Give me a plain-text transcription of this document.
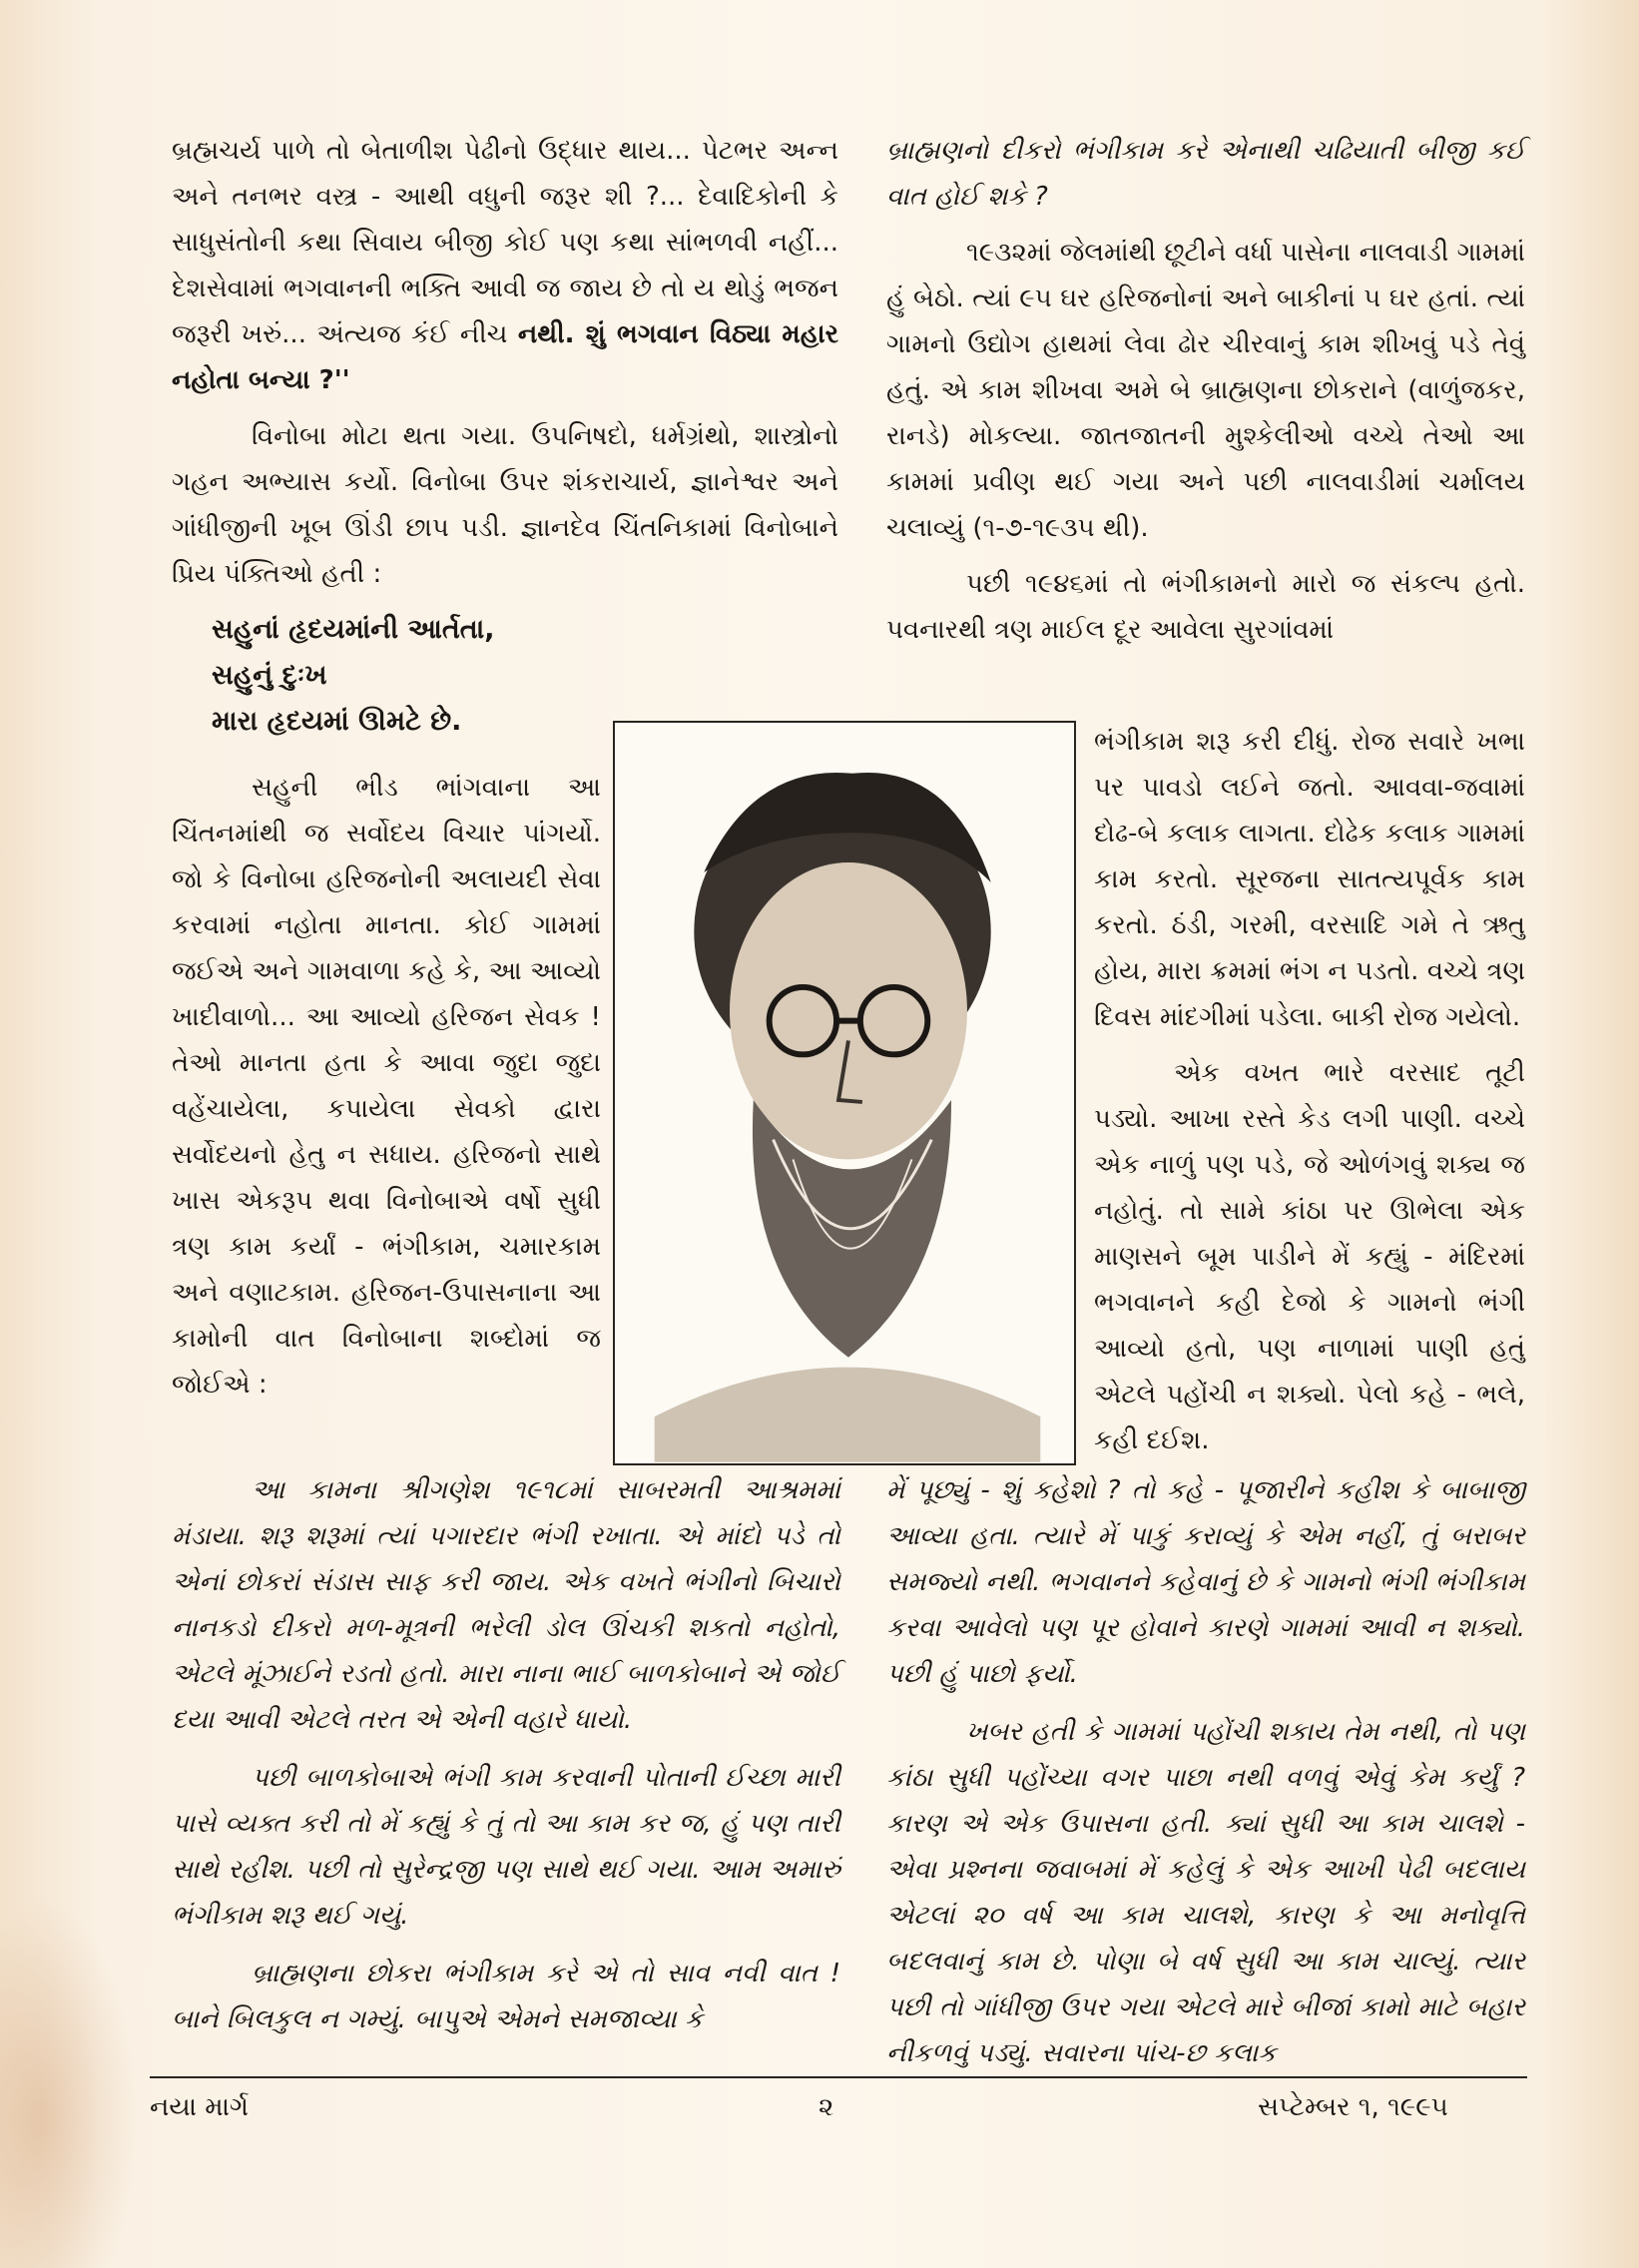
બ્રહ્મચર્ય પાળે તો બેતાળીશ પેઢીનો ઉદ્ધાર થાય... પેટભર અન્ન અને તનભર વસ્ત્ર - આથી વધુની જરૂર શી ?... દેવાદિકોની કે સાધુસંતોની કથા સિવાય બીજી કોઈ પણ કથા સાંભળવી નહીં... દેશસેવામાં ભગવાનની ભક્તિ આવી જ જાય છે તો ય થોડું ભજન જરૂરી ખરું... અંત્યજ કંઈ નીચ નથી. શું ભગવાન વિઠ્યા મહાર નહોતા બન્યા ?''

વિનોબા મોટા થતા ગયા. ઉપનિષદો, ધર્મગ્રંથો, શાસ્ત્રોનો ગહન અભ્યાસ કર્યો. વિનોબા ઉપર શંકરાચાર્ય, જ્ઞાનેશ્વર અને ગાંધીજીની ખૂબ ઊંડી છાપ પડી. જ્ઞાનદેવ ચિંતનિકામાં વિનોબાને પ્રિય પંક્તિઓ હતી :

સહુનાં હૃદયમાંની આર્તતા,
સહુનું દુઃખ
મારા હૃદયમાં ઊમટે છે.

સહુની ભીડ ભાંગવાના આ ચિંતનમાંથી જ સર્વોદય વિચાર પાંગર્યો. જો કે વિનોબા હરિજનોની અલાયદી સેવા કરવામાં નહોતા માનતા. કોઈ ગામમાં જઈએ અને ગામવાળા કહે કે, આ આવ્યો ખાદીવાળો... આ આવ્યો હરિજન સેવક ! તેઓ માનતા હતા કે આવા જુદા જુદા વહેંચાયેલા, કપાયેલા સેવકો દ્વારા સર્વોદયનો હેતુ ન સધાય. હરિજનો સાથે ખાસ એકરૂપ થવા વિનોબાએ વર્ષો સુધી ત્રણ કામ કર્યાં - ભંગીકામ, ચમારકામ અને વણાટકામ. હરિજન-ઉપાસનાના આ કામોની વાત વિનોબાના શબ્દોમાં જ જોઈએ :

બ્રાહ્મણનો દીકરો ભંગીકામ કરે એનાથી ચઢિયાતી બીજી કઈ વાત હોઈ શકે ?

૧૯૩૨માં જેલમાંથી છૂટીને વર્ધા પાસેના નાલવાડી ગામમાં હું બેઠો. ત્યાં ૯૫ ઘર હરિજનોનાં અને બાકીનાં ૫ ઘર હતાં. ત્યાં ગામનો ઉદ્યોગ હાથમાં લેવા ઢોર ચીરવાનું કામ શીખવું પડે તેવું હતું. એ કામ શીખવા અમે બે બ્રાહ્મણના છોકરાને (વાળુંજકર, રાનડે) મોકલ્યા. જાતજાતની મુશ્કેલીઓ વચ્ચે તેઓ આ કામમાં પ્રવીણ થઈ ગયા અને પછી નાલવાડીમાં ચર્માલય ચલાવ્યું (૧-૭-૧૯૩૫ થી).

પછી ૧૯૪૬માં તો ભંગીકામનો મારો જ સંકલ્પ હતો. પવનારથી ત્રણ માઈલ દૂર આવેલા સુરગાંવમાં

ભંગીકામ શરૂ કરી દીધું. રોજ સવારે ખભા પર પાવડો લઈને જતો. આવવા-જવામાં દોઢ-બે કલાક લાગતા. દોઢેક કલાક ગામમાં કામ કરતો. સૂરજના સાતત્યપૂર્વક કામ કરતો. ઠંડી, ગરમી, વરસાદિ ગમે તે ઋતુ હોય, મારા ક્રમમાં ભંગ ન પડતો. વચ્ચે ત્રણ દિવસ માંદગીમાં પડેલા. બાકી રોજ ગયેલો.

એક વખત ભારે વરસાદ તૂટી પડ્યો. આખા રસ્તે કેડ લગી પાણી. વચ્ચે એક નાળું પણ પડે, જે ઓળંગવું શક્ય જ નહોતું. તો સામે કાંઠા પર ઊભેલા એક માણસને બૂમ પાડીને મેં કહ્યું - મંદિરમાં ભગવાનને કહી દેજો કે ગામનો ભંગી આવ્યો હતો, પણ નાળામાં પાણી હતું એટલે પહોંચી ન શક્યો. પેલો કહે - ભલે, કહી દઈશ.

આ કામના શ્રીગણેશ ૧૯૧૮માં સાબરમતી આશ્રમમાં મંડાયા. શરૂ શરૂમાં ત્યાં પગારદાર ભંગી રખાતા. એ માંદો પડે તો એનાં છોકરાં સંડાસ સાફ કરી જાય. એક વખતે ભંગીનો બિચારો નાનકડો દીકરો મળ-મૂત્રની ભરેલી ડોલ ઊંચકી શકતો નહોતો, એટલે મૂંઝાઈને રડતો હતો. મારા નાના ભાઈ બાળકોબાને એ જોઈ દયા આવી એટલે તરત એ એની વહારે ધાયો.

પછી બાળકોબાએ ભંગી કામ કરવાની પોતાની ઈચ્છા મારી પાસે વ્યક્ત કરી તો મેં કહ્યું કે તું તો આ કામ કર જ, હું પણ તારી સાથે રહીશ. પછી તો સુરેન્દ્રજી પણ સાથે થઈ ગયા. આમ અમારું ભંગીકામ શરૂ થઈ ગયું.

બ્રાહ્મણના છોકરા ભંગીકામ કરે એ તો સાવ નવી વાત ! બાને બિલકુલ ન ગમ્યું. બાપુએ એમને સમજાવ્યા કે

મેં પૂછ્યું - શું કહેશો ? તો કહે - પૂજારીને કહીશ કે બાબાજી આવ્યા હતા. ત્યારે મેં પાકું કરાવ્યું કે એમ નહીં, તું બરાબર સમજ્યો નથી. ભગવાનને કહેવાનું છે કે ગામનો ભંગી ભંગીકામ કરવા આવેલો પણ પૂર હોવાને કારણે ગામમાં આવી ન શક્યો. પછી હું પાછો ફર્યો.

ખબર હતી કે ગામમાં પહોંચી શકાય તેમ નથી, તો પણ કાંઠા સુધી પહોંચ્યા વગર પાછા નથી વળવું એવું કેમ કર્યું ? કારણ એ એક ઉપાસના હતી. ક્યાં સુધી આ કામ ચાલશે - એવા પ્રશ્નના જવાબમાં મેં કહેલું કે એક આખી પેઢી બદલાય એટલાં ૨૦ વર્ષ આ કામ ચાલશે, કારણ કે આ મનોવૃત્તિ બદલવાનું કામ છે. પોણા બે વર્ષ સુધી આ કામ ચાલ્યું. ત્યાર પછી તો ગાંધીજી ઉપર ગયા એટલે મારે બીજાં કામો માટે બહાર નીકળવું પડ્યું. સવારના પાંચ-છ કલાક

નયા માર્ગ	૨	સપ્ટેમ્બર ૧, ૧૯૯૫
